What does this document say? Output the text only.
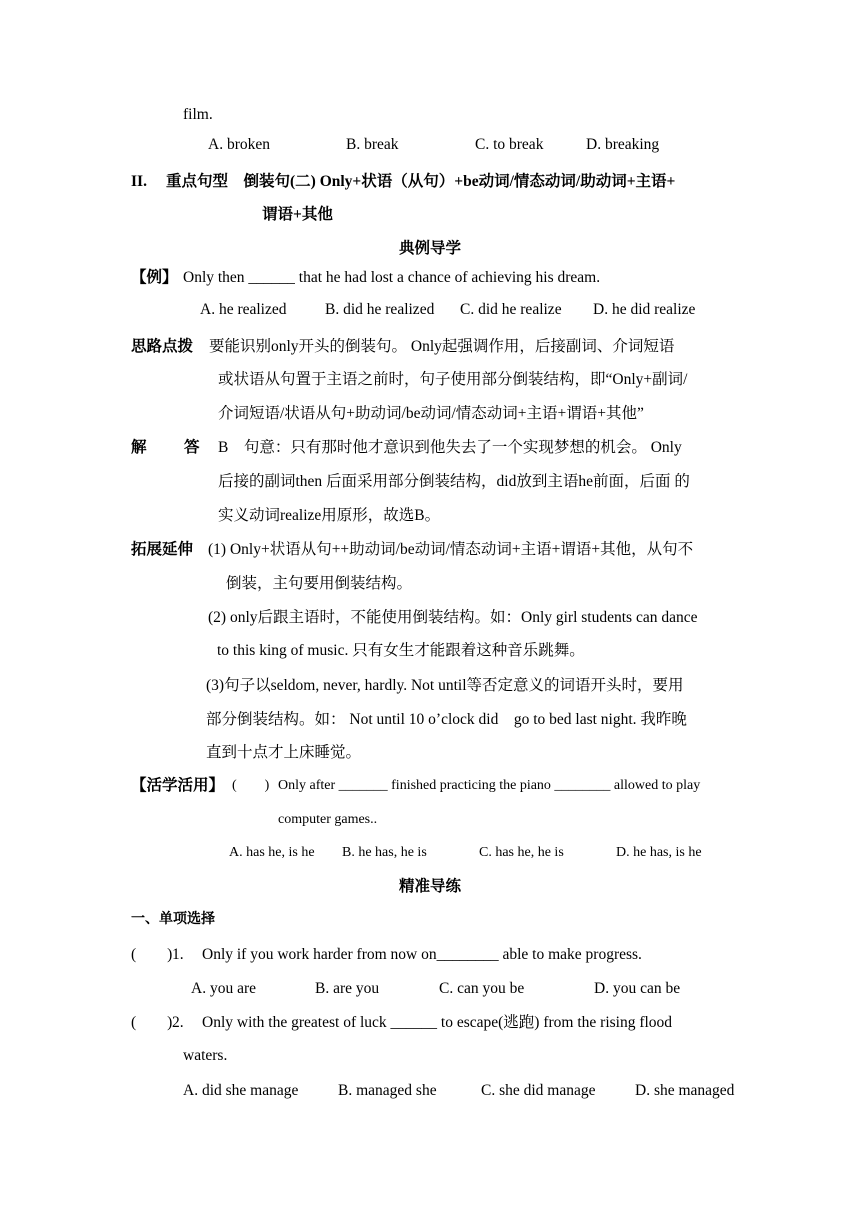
film.
A. broken	B. break	C. to break	D. breaking
II. 重点句型　倒装句(二) Only+状语（从句）+be动词/情态动词/助动词+主语+
谓语+其他
典例导学
【例】 Only then ______ that he had lost a chance of achieving his dream.
A. he realized B. did he realized C. did he realize D. he did realize
思路点拨 要能识别only开头的倒装句。 Only起强调作用，后接副词、介词短语
或状语从句置于主语之前时，句子使用部分倒装结构，即“Only+副词/
介词短语/状语从句+助动词/be动词/情态动词+主语+谓语+其他”
解 答 B　句意：只有那时他才意识到他失去了一个实现梦想的机会。 Only
后接的副词then 后面采用部分倒装结构，did放到主语he前面，后面 的
实义动词realize用原形，故选B。
拓展延伸 (1) Only+状语从句++助动词/be动词/情态动词+主语+谓语+其他，从句不
倒装，主句要用倒装结构。
(2) only后跟主语时，不能使用倒装结构。如：Only girl students can dance
to this king of music. 只有女生才能跟着这种音乐跳舞。
(3)句子以seldom, never, hardly. Not until等否定意义的词语开头时，要用
部分倒装结构。如： Not until 10 o’clock did　go to bed last night. 我昨晚
直到十点才上床睡觉。
【活学活用】 (　　) Only after _______ finished practicing the piano ________ allowed to play
computer games..
A. has he, is he B. he has, he is	C. has he, he is	D. he has, is he
精准导练
一、单项选择
(　　) 1. Only if you work harder from now on________ able to make progress.
A. you are	B. are you	C. can you be	D. you can be
(　　) 2. Only with the greatest of luck ______ to escape(逃跑) from the rising flood
waters.
A. did she manage	B. managed she	C. she did manage	D. she managed
